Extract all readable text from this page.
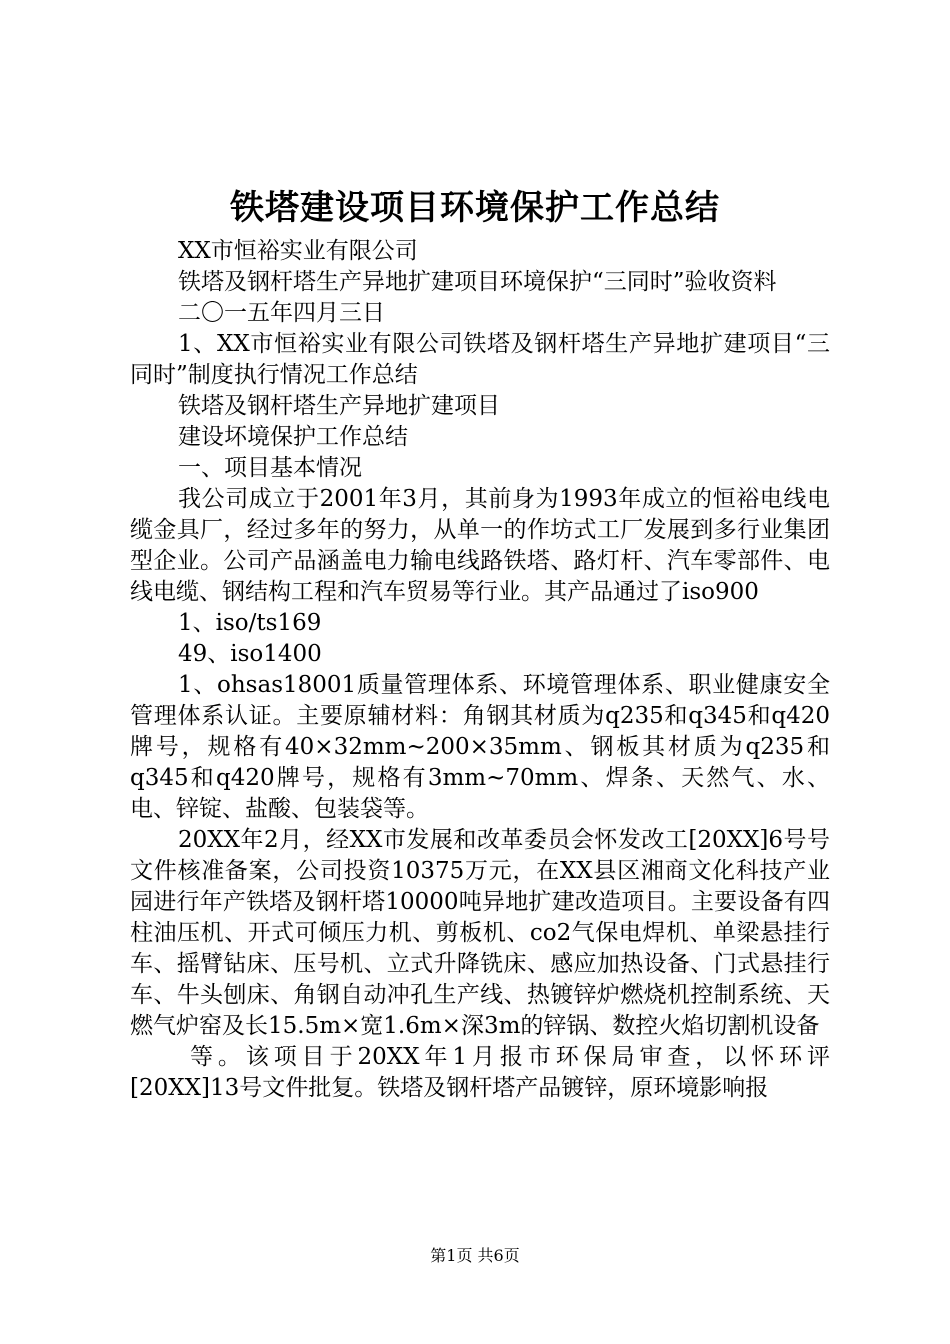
铁塔建设项目环境保护工作总结

XX市恒裕实业有限公司

铁塔及钢杆塔生产异地扩建项目环境保护“三同时”验收资料

二〇一五年四月三日

1、XX市恒裕实业有限公司铁塔及钢杆塔生产异地扩建项目“三同时”制度执行情况工作总结

铁塔及钢杆塔生产异地扩建项目

建设坏境保护工作总结

一、项目基本情况

我公司成立于2001年3月，其前身为1993年成立的恒裕电线电缆金具厂，经过多年的努力，从单一的作坊式工厂发展到多行业集团型企业。公司产品涵盖电力输电线路铁塔、路灯杆、汽车零部件、电线电缆、钢结构工程和汽车贸易等行业。其产品通过了iso900

1、iso/ts169

49、iso1400

1、ohsas18001质量管理体系、环境管理体系、职业健康安全管理体系认证。主要原辅材料：角钢其材质为q235和q345和q420牌号，规格有40×32mm~200×35mm、钢板其材质为q235和q345和q420牌号，规格有3mm~70mm、焊条、天然气、水、电、锌锭、盐酸、包装袋等。

20XX年2月，经XX市发展和改革委员会怀发改工[20XX]6号号文件核准备案，公司投资10375万元，在XX县区湘商文化科技产业园进行年产铁塔及钢杆塔10000吨异地扩建改造项目。主要设备有四柱油压机、开式可倾压力机、剪板机、co2气保电焊机、单梁悬挂行车、摇臂钻床、压号机、立式升降铣床、感应加热设备、门式悬挂行车、牛头刨床、角钢自动冲孔生产线、热镀锌炉燃烧机控制系统、天燃气炉窑及长15.5m×宽1.6m×深3m的锌锅、数控火焰切割机设备

等。该项目于20XX年1月报市环保局审查，以怀环评[20XX]13号文件批复。铁塔及钢杆塔产品镀锌，原环境影响报

第1页 共6页
